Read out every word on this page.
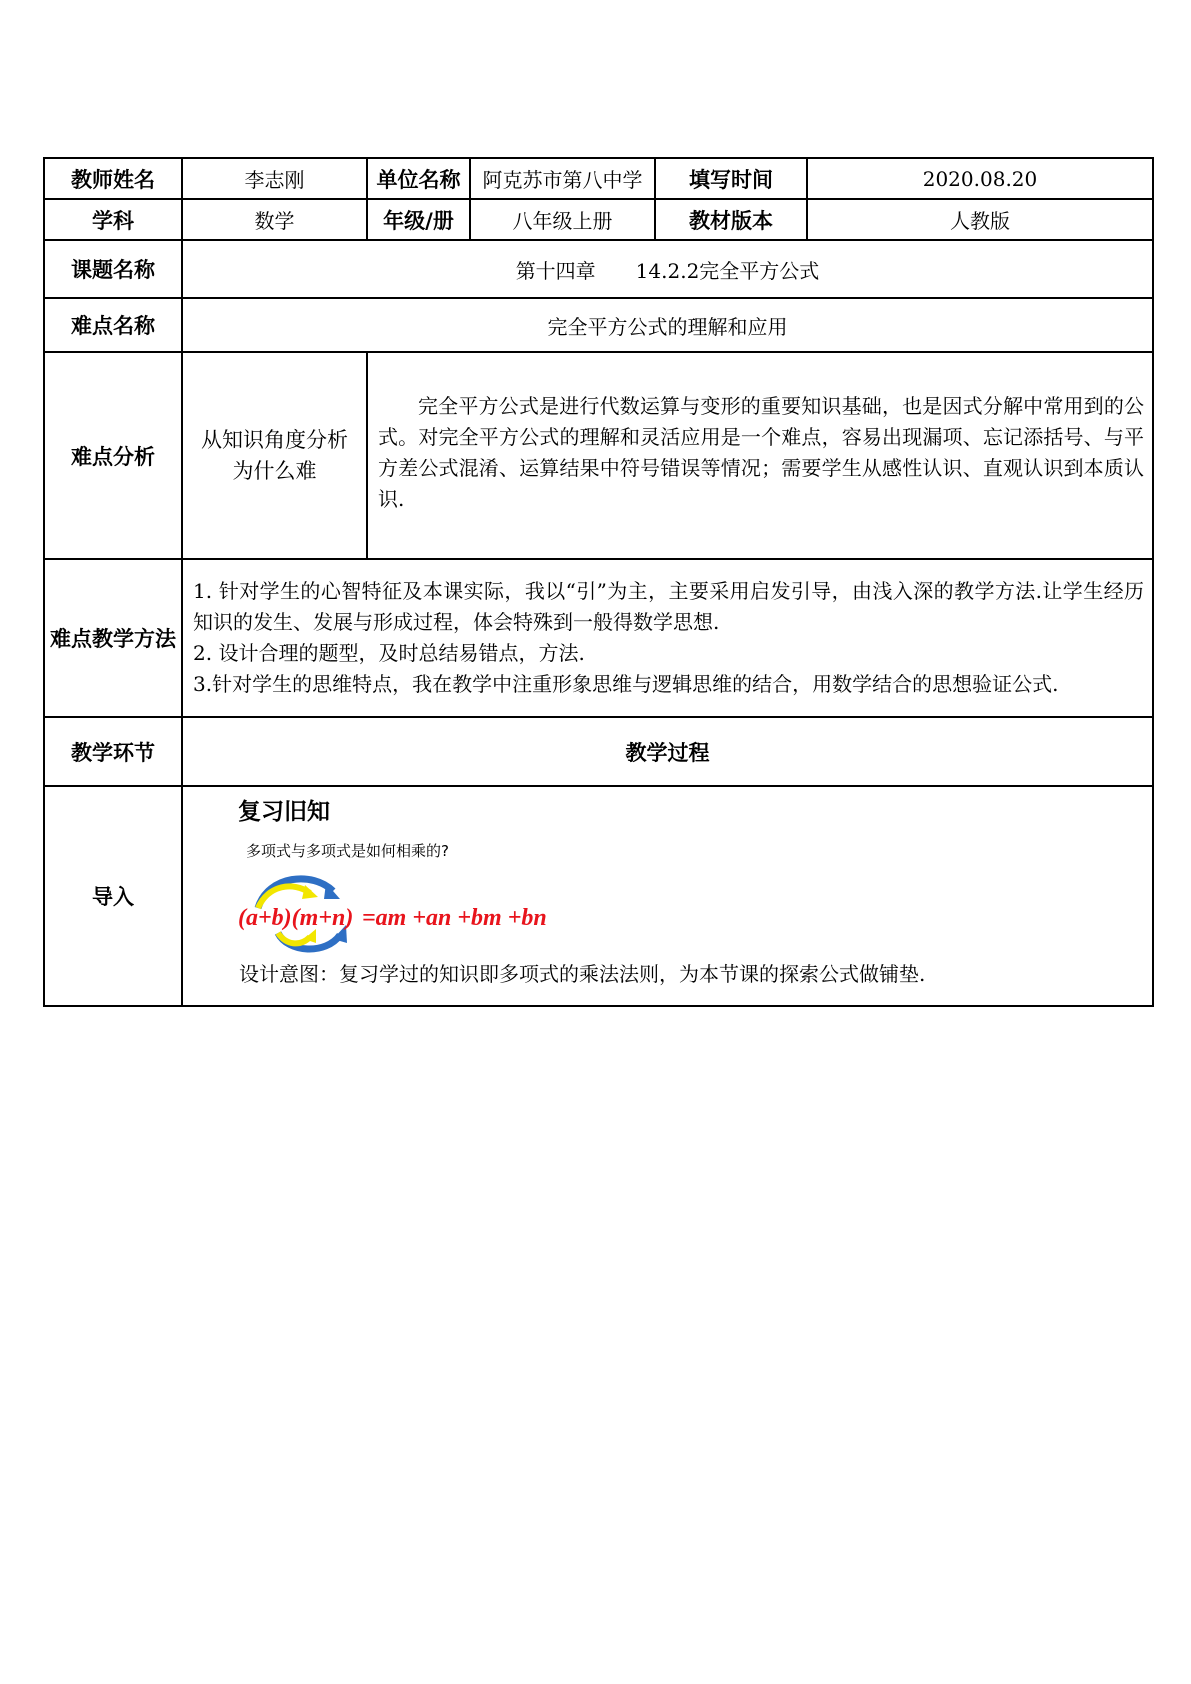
教师姓名	李志刚	单位名称	阿克苏市第八中学	填写时间	2020.08.20
学科	数学	年级/册	八年级上册	教材版本	人教版
课题名称	第十四章　　14.2.2完全平方公式				
难点名称	完全平方公式的理解和应用				
难点分析	从知识角度分析为什么难	完全平方公式是进行代数运算与变形的重要知识基础，也是因式分解中常用到的公式。对完全平方公式的理解和灵活应用是一个难点，容易出现漏项、忘记添括号、与平方差公式混淆、运算结果中符号错误等情况；需要学生从感性认识、直观认识到本质认识.			
难点教学方法	1. 针对学生的心智特征及本课实际，我以“引”为主，主要采用启发引导，由浅入深的教学方法.让学生经历知识的发生、发展与形成过程，体会特殊到一般得数学思想.

2. 设计合理的题型，及时总结易错点，方法.

3.针对学生的思维特点，我在教学中注重形象思维与逻辑思维的结合，用数学结合的思想验证公式.				

教学环节	教学过程				
导入	复习旧知
多项式与多项式是如何相乘的?
(a+b)(m+n) =am +an +bm +bn
设计意图：复习学过的知识即多项式的乘法法则，为本节课的探索公式做铺垫.				
